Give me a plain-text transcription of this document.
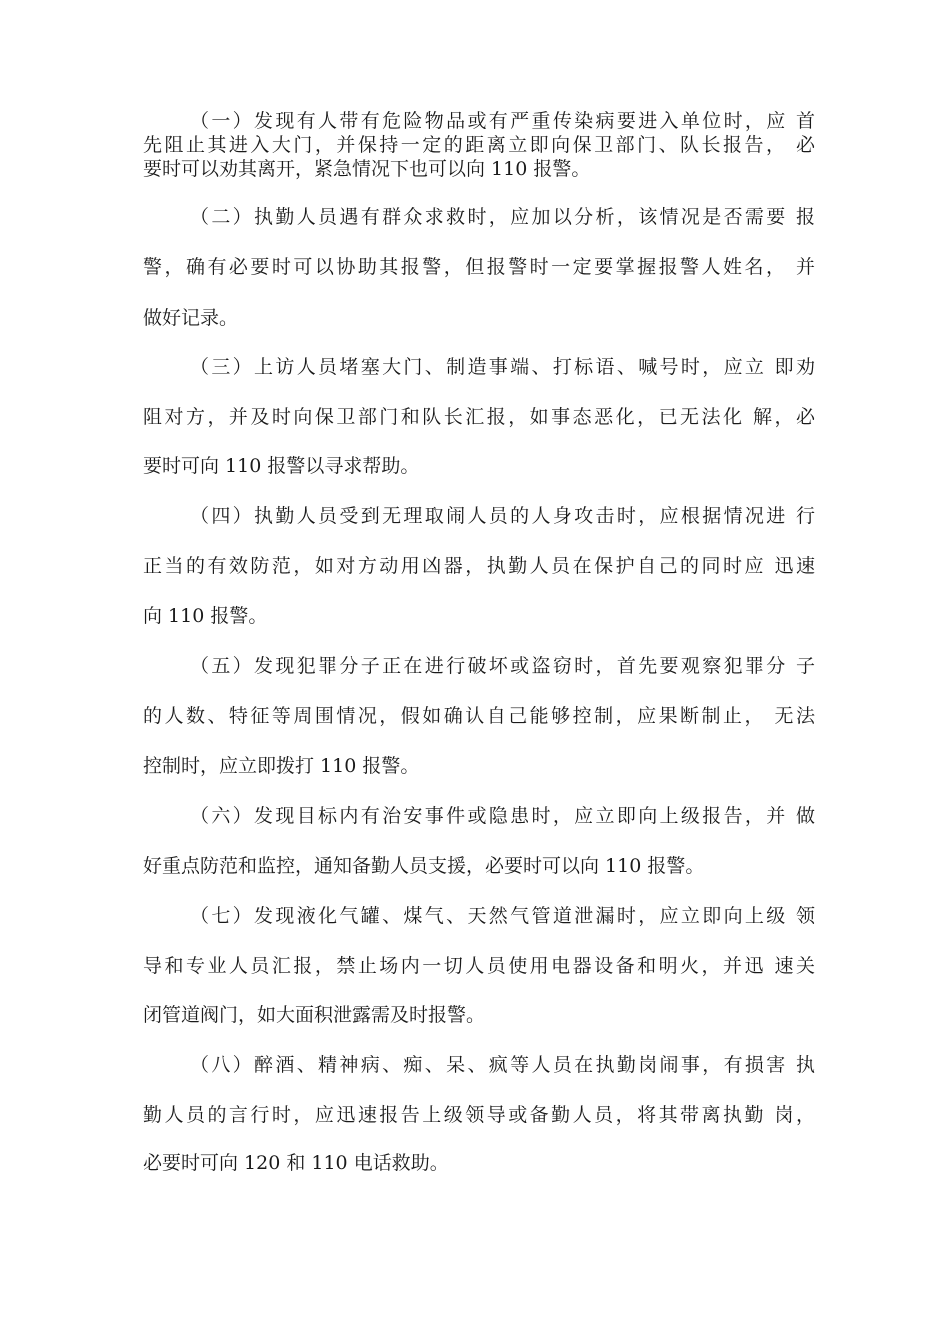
（一）发现有人带有危险物品或有严重传染病要进入单位时，应 首
先阻止其进入大门，并保持一定的距离立即向保卫部门、队长报告， 必
要时可以劝其离开，紧急情况下也可以向 110 报警。
（二）执勤人员遇有群众求救时，应加以分析，该情况是否需要 报
警，确有必要时可以协助其报警，但报警时一定要掌握报警人姓名， 并
做好记录。
（三）上访人员堵塞大门、制造事端、打标语、喊号时，应立 即劝
阻对方，并及时向保卫部门和队长汇报，如事态恶化，已无法化 解，必
要时可向 110 报警以寻求帮助。
（四）执勤人员受到无理取闹人员的人身攻击时，应根据情况进 行
正当的有效防范，如对方动用凶器，执勤人员在保护自己的同时应 迅速
向 110 报警。
（五）发现犯罪分子正在进行破坏或盗窃时，首先要观察犯罪分 子
的人数、特征等周围情况，假如确认自己能够控制，应果断制止， 无法
控制时，应立即拨打 110 报警。
（六）发现目标内有治安事件或隐患时，应立即向上级报告，并 做
好重点防范和监控，通知备勤人员支援，必要时可以向 110 报警。
（七）发现液化气罐、煤气、天然气管道泄漏时，应立即向上级 领
导和专业人员汇报，禁止场内一切人员使用电器设备和明火，并迅 速关
闭管道阀门，如大面积泄露需及时报警。
（八）醉酒、精神病、痴、呆、疯等人员在执勤岗闹事，有损害 执
勤人员的言行时，应迅速报告上级领导或备勤人员，将其带离执勤 岗，
必要时可向 120 和 110 电话救助。
